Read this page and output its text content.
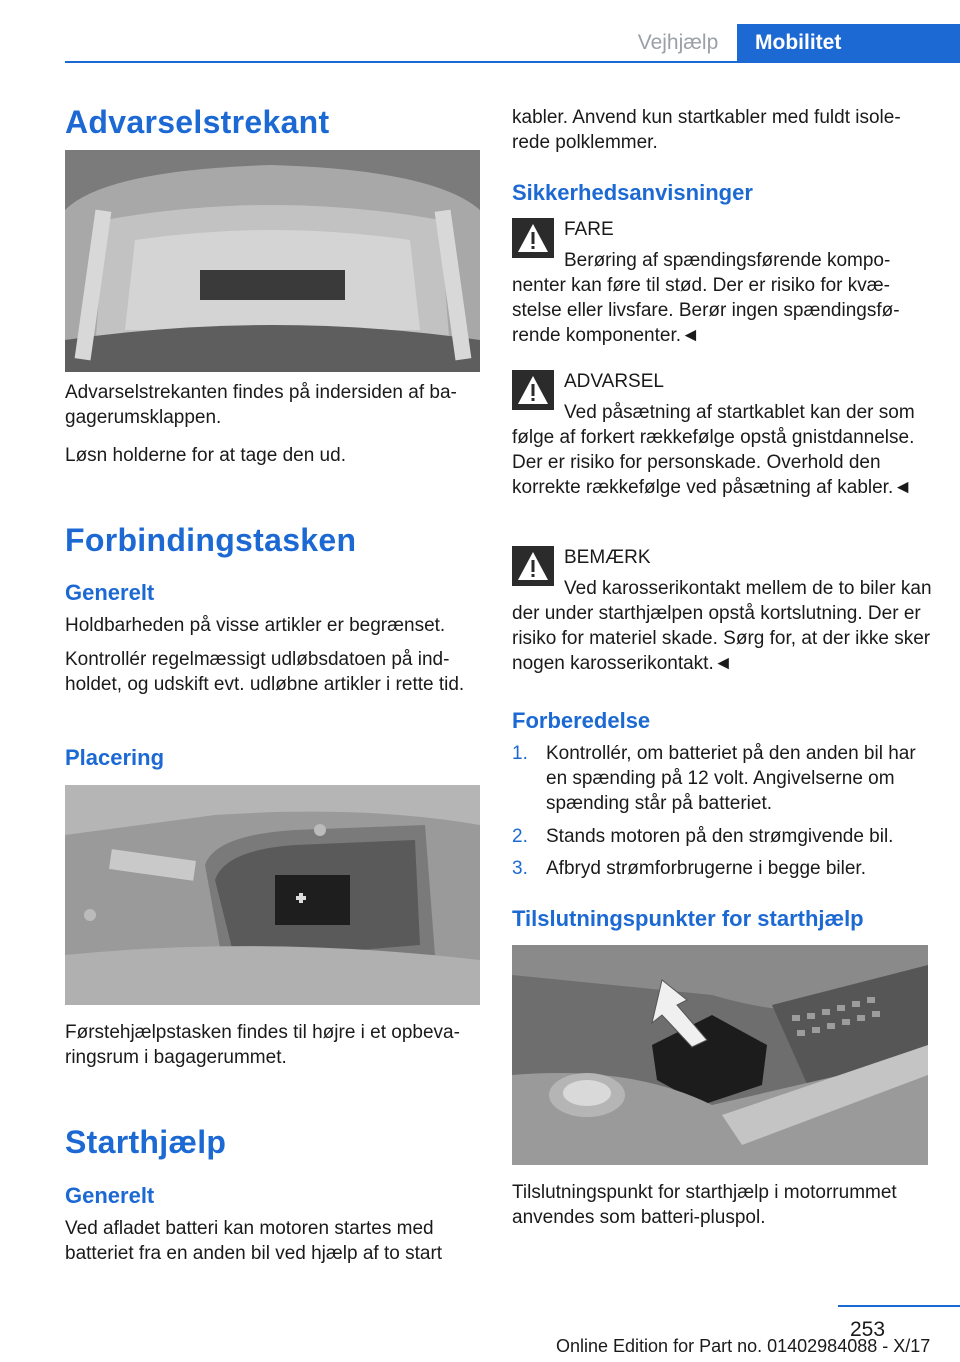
Vejhjælp	Mobilitet
Advarselstrekant

Advarselstrekanten findes på indersiden af bagagerumsklappen.

Løsn holderne for at tage den ud.

Forbindingstasken
Generelt

Holdbarheden på visse artikler er begrænset.

Kontrollér regelmæssigt udløbsdatoen på indholdet, og udskift evt. udløbne artikler i rette tid.

Placering

Førstehjælpstasken findes til højre i et opbevaringsrum i bagagerummet.

Starthjælp
Generelt

Ved afladet batteri kan motoren startes med batteriet fra en anden bil ved hjælp af to start

kabler. Anvend kun startkabler med fuldt isolerede polklemmer.

Sikkerhedsanvisninger

FARE

Berøring af spændingsførende komponenter kan føre til stød. Der er risiko for kvæstelse eller livsfare. Berør ingen spændingsførende komponenter.◄

ADVARSEL

Ved påsætning af startkablet kan der som følge af forkert rækkefølge opstå gnistdannelse. Der er risiko for personskade. Overhold den korrekte rækkefølge ved påsætning af kabler.◄

BEMÆRK

Ved karosserikontakt mellem de to biler kan der under starthjælpen opstå kortslutning. Der er risiko for materiel skade. Sørg for, at der ikke sker nogen karosserikontakt.◄

Forberedelse
1. Kontrollér, om batteriet på den anden bil har en spænding på 12 volt. Angivelserne om spænding står på batteriet.
2. Stands motoren på den strømgivende bil.
3. Afbryd strømforbrugerne i begge biler.
Tilslutningspunkter for starthjælp

Tilslutningspunkt for starthjælp i motorrummet anvendes som batteri-pluspol.

253
Online Edition for Part no. 01402984088 - X/17
